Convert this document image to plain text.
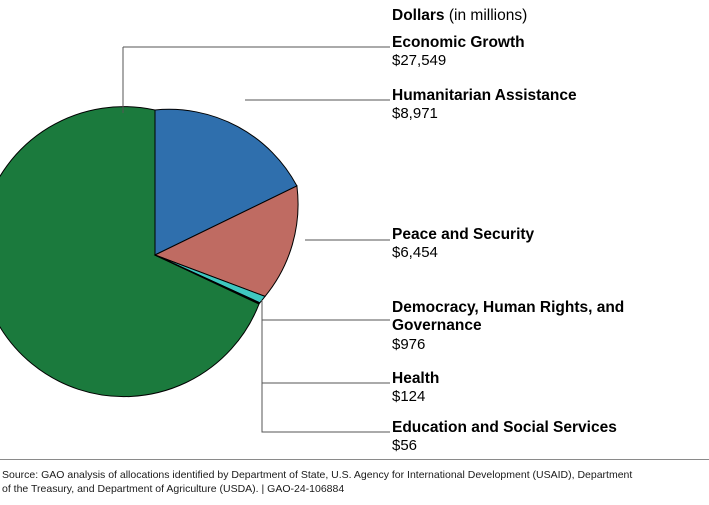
Dollars (in millions)
Economic Growth
$27,549
Humanitarian Assistance
$8,971
Peace and Security
$6,454
Democracy, Human Rights, and Governance
$976
Health
$124
Education and Social Services
$56
Source: GAO analysis of allocations identified by Department of State, U.S. Agency for International Development (USAID), Department
of the Treasury, and Department of Agriculture (USDA). | GAO-24-106884
